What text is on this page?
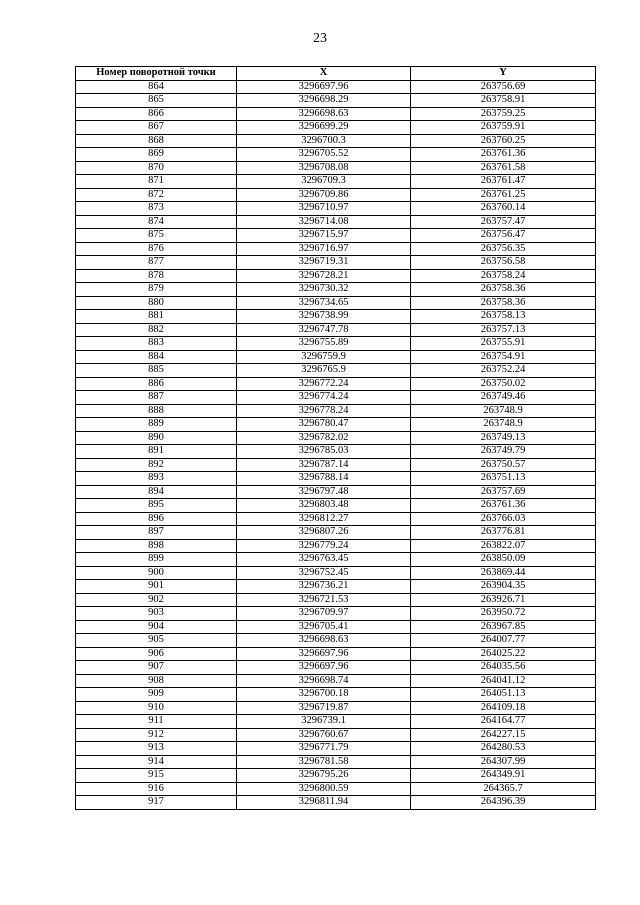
23
Номер поворотной точки	X	Y
864	3296697.96	263756.69
865	3296698.29	263758.91
866	3296698.63	263759.25
867	3296699.29	263759.91
868	3296700.3	263760.25
869	3296705.52	263761.36
870	3296708.08	263761.58
871	3296709.3	263761.47
872	3296709.86	263761.25
873	3296710.97	263760.14
874	3296714.08	263757.47
875	3296715.97	263756.47
876	3296716.97	263756.35
877	3296719.31	263756.58
878	3296728.21	263758.24
879	3296730.32	263758.36
880	3296734.65	263758.36
881	3296738.99	263758.13
882	3296747.78	263757.13
883	3296755.89	263755.91
884	3296759.9	263754.91
885	3296765.9	263752.24
886	3296772.24	263750.02
887	3296774.24	263749.46
888	3296778.24	263748.9
889	3296780.47	263748.9
890	3296782.02	263749.13
891	3296785.03	263749.79
892	3296787.14	263750.57
893	3296788.14	263751.13
894	3296797.48	263757.69
895	3296803.48	263761.36
896	3296812.27	263766.03
897	3296807.26	263776.81
898	3296779.24	263822.07
899	3296763.45	263850.09
900	3296752.45	263869.44
901	3296736.21	263904.35
902	3296721.53	263926.71
903	3296709.97	263950.72
904	3296705.41	263967.85
905	3296698.63	264007.77
906	3296697.96	264025.22
907	3296697.96	264035.56
908	3296698.74	264041.12
909	3296700.18	264051.13
910	3296719.87	264109.18
911	3296739.1	264164.77
912	3296760.67	264227.15
913	3296771.79	264280.53
914	3296781.58	264307.99
915	3296795.26	264349.91
916	3296800.59	264365.7
917	3296811.94	264396.39
